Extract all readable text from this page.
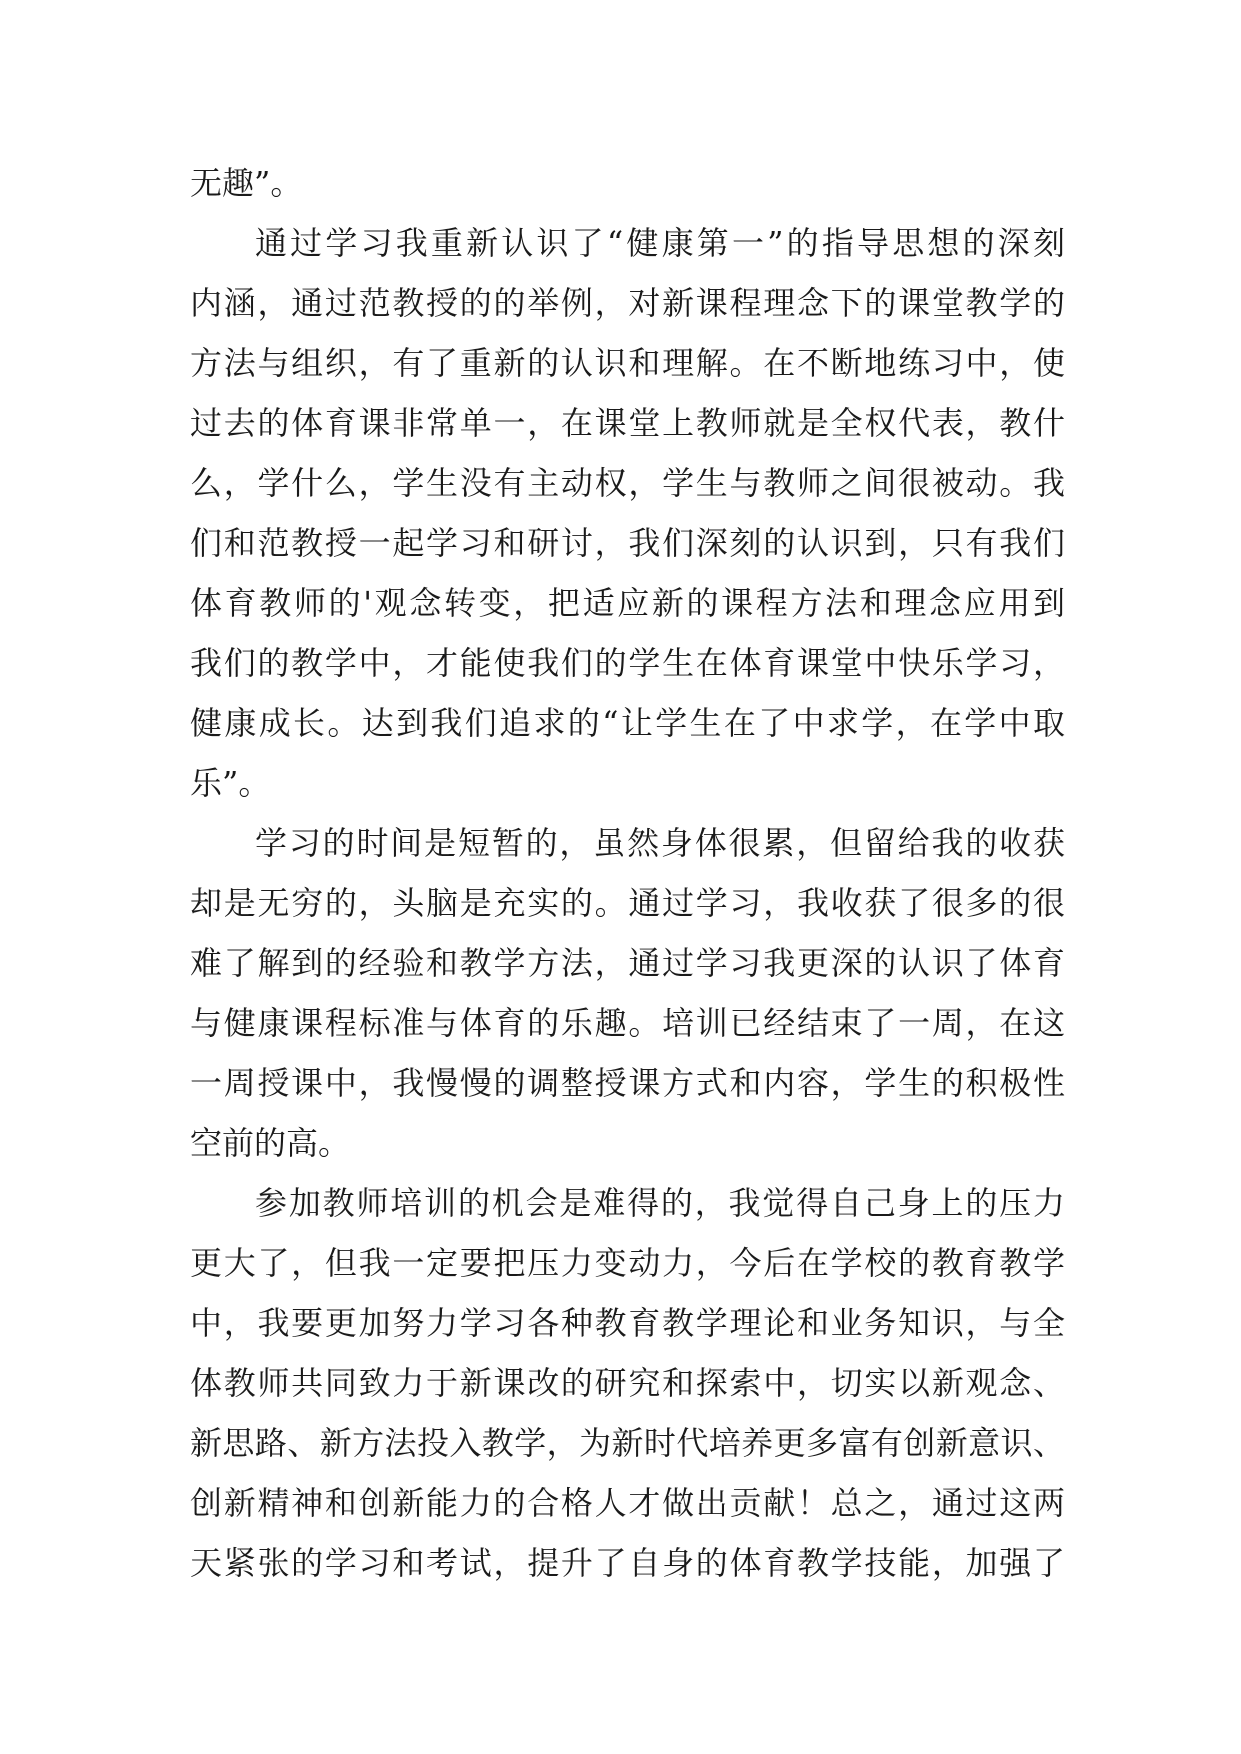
无趣”。
通过学习我重新认识了“健康第一”的指导思想的深刻
内涵，通过范教授的的举例，对新课程理念下的课堂教学的
方法与组织，有了重新的认识和理解。在不断地练习中，使
过去的体育课非常单一，在课堂上教师就是全权代表，教什
么，学什么，学生没有主动权，学生与教师之间很被动。我
们和范教授一起学习和研讨，我们深刻的认识到，只有我们
体育教师的'观念转变，把适应新的课程方法和理念应用到
我们的教学中，才能使我们的学生在体育课堂中快乐学习，
健康成长。达到我们追求的“让学生在了中求学，在学中取
乐”。
学习的时间是短暂的，虽然身体很累，但留给我的收获
却是无穷的，头脑是充实的。通过学习，我收获了很多的很
难了解到的经验和教学方法，通过学习我更深的认识了体育
与健康课程标准与体育的乐趣。培训已经结束了一周，在这
一周授课中，我慢慢的调整授课方式和内容，学生的积极性
空前的高。
参加教师培训的机会是难得的，我觉得自己身上的压力
更大了，但我一定要把压力变动力，今后在学校的教育教学
中，我要更加努力学习各种教育教学理论和业务知识，与全
体教师共同致力于新课改的研究和探索中，切实以新观念、
新思路、新方法投入教学，为新时代培养更多富有创新意识、
创新精神和创新能力的合格人才做出贡献！总之，通过这两
天紧张的学习和考试，提升了自身的体育教学技能，加强了
